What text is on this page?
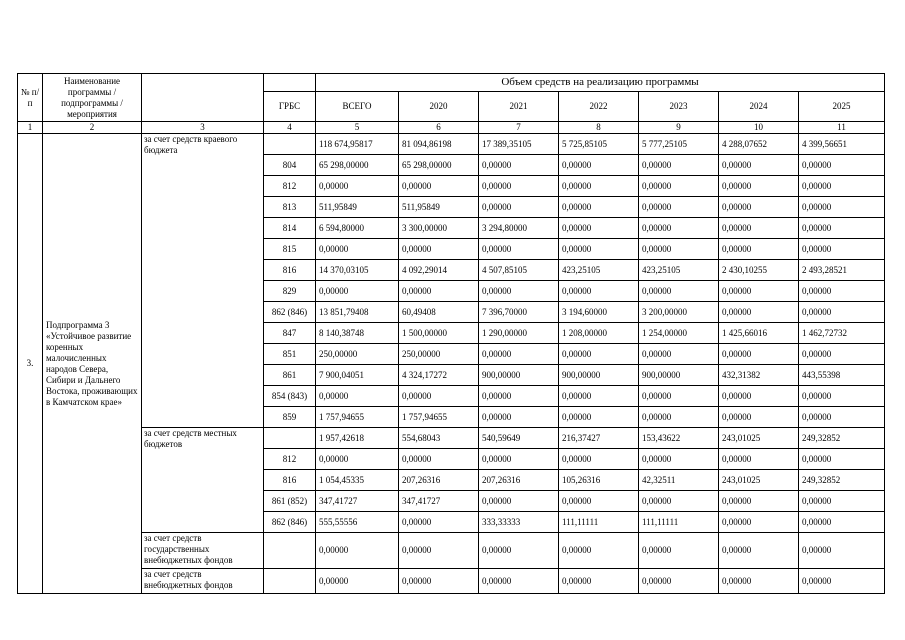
№ п/п	Наименование программы / подпрограммы / мероприятия			Объем средств на реализацию программы						
			ГРБС	ВСЕГО	2020	2021	2022	2023	2024	2025
1	2	3	4	5	6	7	8	9	10	11
3.	Подпрограмма 3 «Устойчивое развитие коренных малочисленных народов Севера, Сибири и Дальнего Востока, проживающих в Камчатском крае»	за счет средств краевого бюджета		118 674,95817	81 094,86198	17 389,35105	5 725,85105	5 777,25105	4 288,07652	4 399,56651
			804	65 298,00000	65 298,00000	0,00000	0,00000	0,00000	0,00000	0,00000
			812	0,00000	0,00000	0,00000	0,00000	0,00000	0,00000	0,00000
			813	511,95849	511,95849	0,00000	0,00000	0,00000	0,00000	0,00000
			814	6 594,80000	3 300,00000	3 294,80000	0,00000	0,00000	0,00000	0,00000
			815	0,00000	0,00000	0,00000	0,00000	0,00000	0,00000	0,00000
			816	14 370,03105	4 092,29014	4 507,85105	423,25105	423,25105	2 430,10255	2 493,28521
			829	0,00000	0,00000	0,00000	0,00000	0,00000	0,00000	0,00000
			862 (846)	13 851,79408	60,49408	7 396,70000	3 194,60000	3 200,00000	0,00000	0,00000
			847	8 140,38748	1 500,00000	1 290,00000	1 208,00000	1 254,00000	1 425,66016	1 462,72732
			851	250,00000	250,00000	0,00000	0,00000	0,00000	0,00000	0,00000
			861	7 900,04051	4 324,17272	900,00000	900,00000	900,00000	432,31382	443,55398
			854 (843)	0,00000	0,00000	0,00000	0,00000	0,00000	0,00000	0,00000
			859	1 757,94655	1 757,94655	0,00000	0,00000	0,00000	0,00000	0,00000
		за счет средств местных бюджетов		1 957,42618	554,68043	540,59649	216,37427	153,43622	243,01025	249,32852
			812	0,00000	0,00000	0,00000	0,00000	0,00000	0,00000	0,00000
			816	1 054,45335	207,26316	207,26316	105,26316	42,32511	243,01025	249,32852
			861 (852)	347,41727	347,41727	0,00000	0,00000	0,00000	0,00000	0,00000
			862 (846)	555,55556	0,00000	333,33333	111,11111	111,11111	0,00000	0,00000
		за счет средств государственных внебюджетных фондов		0,00000	0,00000	0,00000	0,00000	0,00000	0,00000	0,00000
		за счет средств внебюджетных фондов		0,00000	0,00000	0,00000	0,00000	0,00000	0,00000	0,00000
